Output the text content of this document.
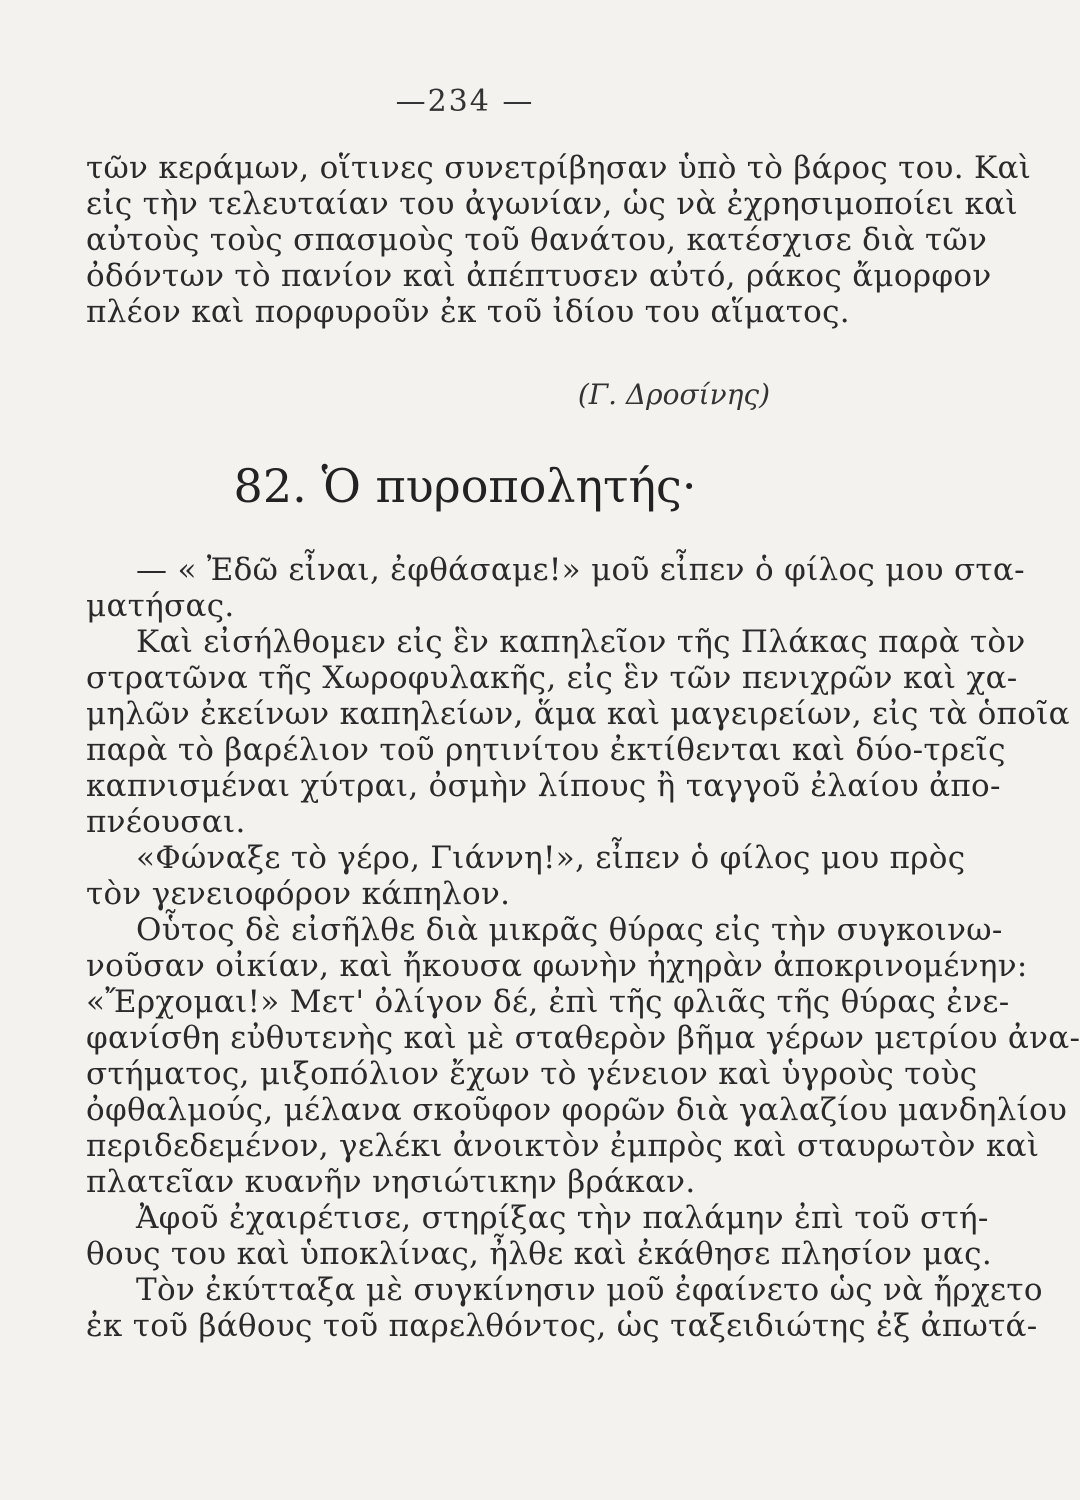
—234 —
τῶν κεράμων, οἵτινες συνετρίβησαν ὑπὸ τὸ βάρος του. Καὶ
εἰς τὴν τελευταίαν του ἀγωνίαν, ὡς νὰ ἐχρησιμοποίει καὶ
αὐτοὺς τοὺς σπασμοὺς τοῦ θανάτου, κατέσχισε διὰ τῶν
ὀδόντων τὸ πανίον καὶ ἀπέπτυσεν αὐτό, ράκος ἄμορφον
πλέον καὶ πορφυροῦν ἐκ τοῦ ἰδίου του αἵματος.
(Γ. Δροσίνης)
82. Ὁ πυροπολητής·
— « Ἐδῶ εἶναι, ἐφθάσαμε!» μοῦ εἶπεν ὁ φίλος μου στα-
ματήσας.
Καὶ εἰσήλθομεν εἰς ἓν καπηλεῖον τῆς Πλάκας παρὰ τὸν
στρατῶνα τῆς Χωροφυλακῆς, εἰς ἓν τῶν πενιχρῶν καὶ χα-
μηλῶν ἐκείνων καπηλείων, ἅμα καὶ μαγειρείων, εἰς τὰ ὁποῖα
παρὰ τὸ βαρέλιον τοῦ ρητινίτου ἐκτίθενται καὶ δύο-τρεῖς
καπνισμέναι χύτραι, ὀσμὴν λίπους ἢ ταγγοῦ ἐλαίου ἀπο-
πνέουσαι.
«Φώναξε τὸ γέρο, Γιάννη!», εἶπεν ὁ φίλος μου πρὸς
τὸν γενειοφόρον κάπηλον.
Οὗτος δὲ εἰσῆλθε διὰ μικρᾶς θύρας εἰς τὴν συγκοινω-
νοῦσαν οἰκίαν, καὶ ἤκουσα φωνὴν ἠχηρὰν ἀποκρινομένην:
«Ἔρχομαι!» Μετ' ὀλίγον δέ, ἐπὶ τῆς φλιᾶς τῆς θύρας ἐνε-
φανίσθη εὐθυτενὴς καὶ μὲ σταθερὸν βῆμα γέρων μετρίου ἀνα-
στήματος, μιξοπόλιον ἔχων τὸ γένειον καὶ ὑγροὺς τοὺς
ὀφθαλμούς, μέλανα σκοῦφον φορῶν διὰ γαλαζίου μανδηλίου
περιδεδεμένον, γελέκι ἀνοικτὸν ἐμπρὸς καὶ σταυρωτὸν καὶ
πλατεῖαν κυανῆν νησιώτικην βράκαν.
Ἀφοῦ ἐχαιρέτισε, στηρίξας τὴν παλάμην ἐπὶ τοῦ στή-
θους του καὶ ὑποκλίνας, ἦλθε καὶ ἐκάθησε πλησίον μας.
Τὸν ἐκύτταξα μὲ συγκίνησιν μοῦ ἐφαίνετο ὡς νὰ ἤρχετο
ἐκ τοῦ βάθους τοῦ παρελθόντος, ὡς ταξειδιώτης ἐξ ἀπωτά-
